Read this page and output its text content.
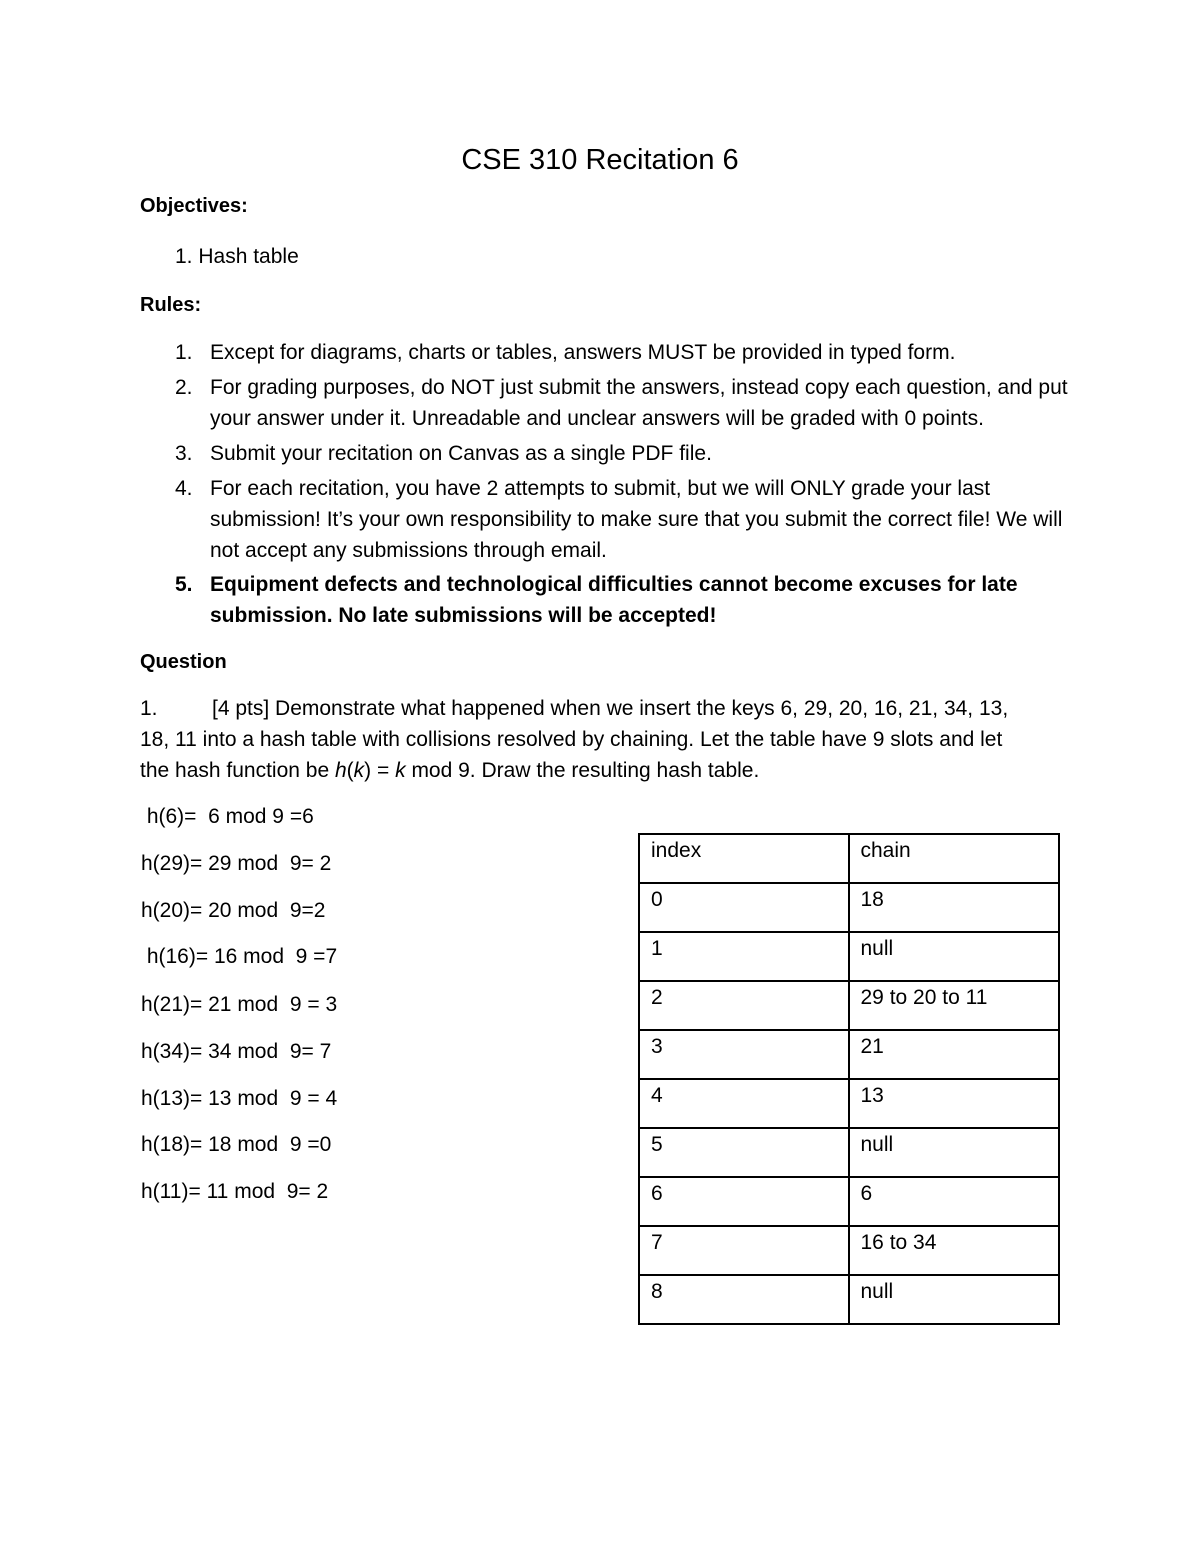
CSE 310 Recitation 6
Objectives:
1. Hash table
Rules:
1. Except for diagrams, charts or tables, answers MUST be provided in typed form.
2. For grading purposes, do NOT just submit the answers, instead copy each question, and put your answer under it. Unreadable and unclear answers will be graded with 0 points.
3. Submit your recitation on Canvas as a single PDF file.
4. For each recitation, you have 2 attempts to submit, but we will ONLY grade your last submission! It’s your own responsibility to make sure that you submit the correct file! We will not accept any submissions through email.
5. Equipment defects and technological difficulties cannot become excuses for late submission. No late submissions will be accepted!
Question
1.	[4 pts] Demonstrate what happened when we insert the keys 6, 29, 20, 16, 21, 34, 13,
18, 11 into a hash table with collisions resolved by chaining. Let the table have 9 slots and let
the hash function be h(k) = k mod 9. Draw the resulting hash table.
h(6)=  6 mod 9 =6
h(29)= 29 mod  9= 2
h(20)= 20 mod  9=2
h(16)= 16 mod  9 =7
h(21)= 21 mod  9 = 3
h(34)= 34 mod  9= 7
h(13)= 13 mod  9 = 4
h(18)= 18 mod  9 =0
h(11)= 11 mod  9= 2
index	chain
0	18
1	null
2	29 to 20 to 11
3	21
4	13
5	null
6	6
7	16 to 34
8	null
